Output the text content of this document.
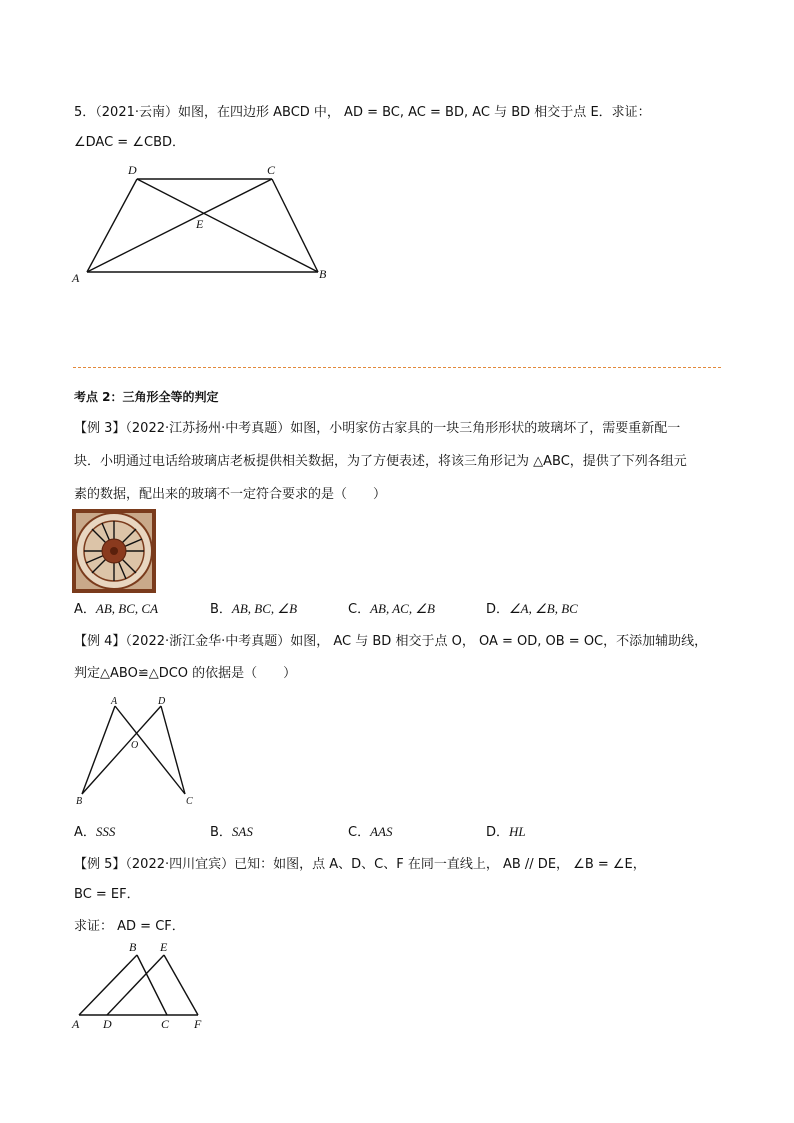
5．（2021·云南）如图，在四边形 ABCD 中， AD = BC, AC = BD, AC 与 BD 相交于点 E．求证：
∠DAC = ∠CBD．
A	B
C
D
E
考点 2：三角形全等的判定
【例 3】（2022·江苏扬州·中考真题）如图，小明家仿古家具的一块三角形形状的玻璃坏了，需要重新配一
块．小明通过电话给玻璃店老板提供相关数据，为了方便表述，将该三角形记为 △ABC，提供了下列各组元
素的数据，配出来的玻璃不一定符合要求的是（　　）
A．AB, BC, CA	B．AB, BC, ∠B	C．AB, AC, ∠B	D．∠A, ∠B, BC
【例 4】（2022·浙江金华·中考真题）如图， AC 与 BD 相交于点 O， OA = OD, OB = OC，不添加辅助线，
判定△ABO≌△DCO 的依据是（　　）
A
B	C
D
O
A．SSS	B．SAS	C．AAS	D．HL
【例 5】（2022·四川宜宾）已知：如图，点 A、D、C、F 在同一直线上， AB // DE， ∠B = ∠E，
BC = EF．
求证： AD = CF．
A
B
C
D
E
F
